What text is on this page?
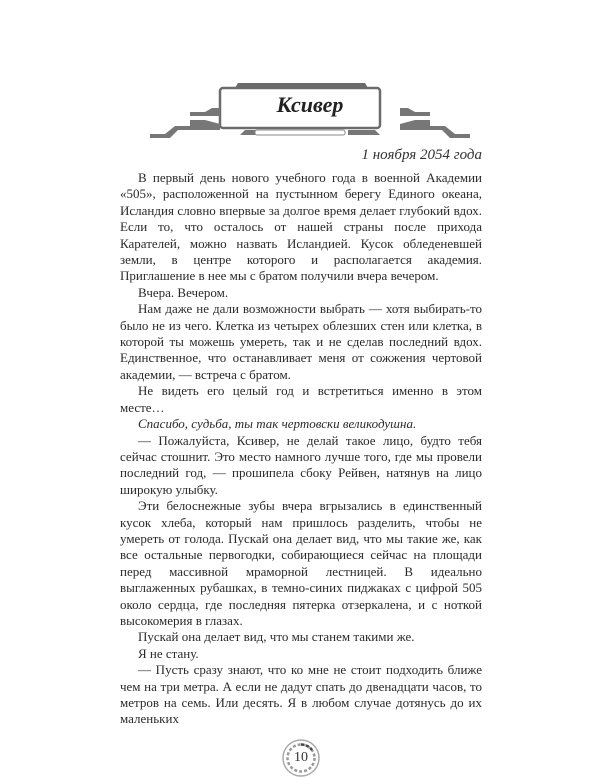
Ксивер
1 ноября 2054 года

В первый день нового учебного года в военной Академии «505», расположенной на пустынном берегу Единого океана, Исландия словно впервые за долгое время делает глубокий вдох. Если то, что осталось от нашей страны после прихода Карателей, можно назвать Исландией. Кусок обледеневшей земли, в центре которого и располагается академия. Приглашение в нее мы с братом получили вчера вечером.

Вчера. Вечером.

Нам даже не дали возможности выбрать — хотя выбирать-то было не из чего. Клетка из четырех облезших стен или клетка, в которой ты можешь умереть, так и не сделав последний вдох. Единственное, что останавливает меня от сожжения чертовой академии, — встреча с братом.

Не видеть его целый год и встретиться именно в этом месте…

Спасибо, судьба, ты так чертовски великодушна.

— Пожалуйста, Ксивер, не делай такое лицо, будто тебя сейчас стошнит. Это место намного лучше того, где мы провели последний год, — прошипела сбоку Рейвен, натянув на лицо широкую улыбку.

Эти белоснежные зубы вчера вгрызались в единственный кусок хлеба, который нам пришлось разделить, чтобы не умереть от голода. Пускай она делает вид, что мы такие же, как все остальные первогодки, собирающиеся сейчас на площади перед массивной мраморной лестницей. В идеально выглаженных рубашках, в темно-синих пиджаках с цифрой 505 около сердца, где последняя пятерка отзеркалена, и с ноткой высокомерия в глазах.

Пускай она делает вид, что мы станем такими же.

Я не стану.

— Пусть сразу знают, что ко мне не стоит подходить ближе чем на три метра. А если не дадут спать до двенадцати часов, то метров на семь. Или десять. Я в любом случае дотянусь до их маленьких

10
